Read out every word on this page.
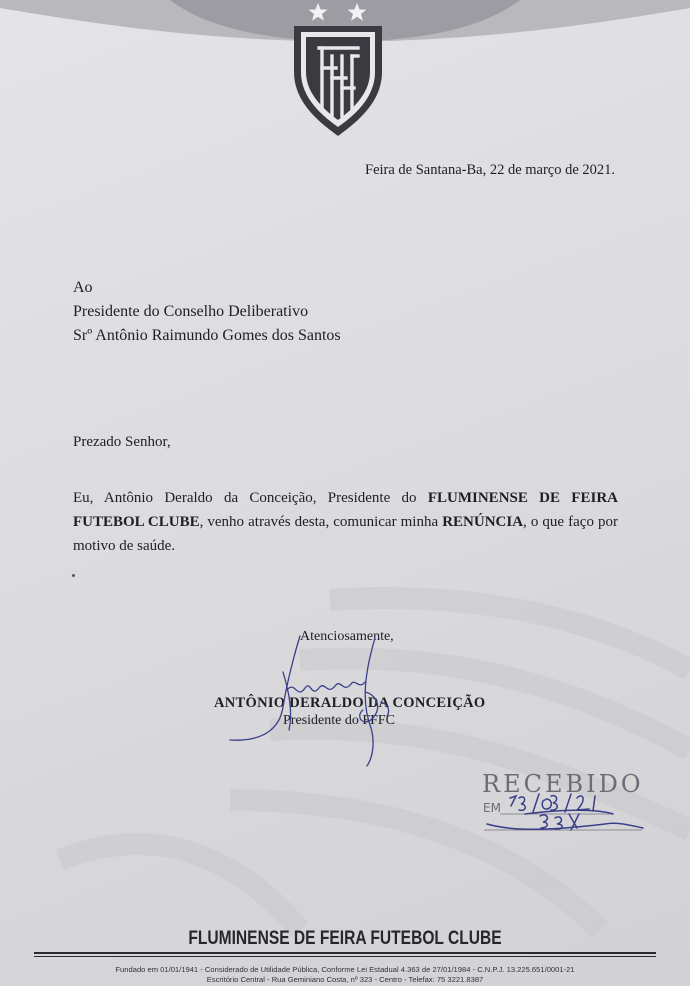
Feira de Santana-Ba, 22 de março de 2021.
Ao
Presidente do Conselho Deliberativo
Srº Antônio Raimundo Gomes dos Santos
Prezado Senhor,
Eu, Antônio Deraldo da Conceição, Presidente do FLUMINENSE DE FEIRA FUTEBOL CLUBE, venho através desta, comunicar minha RENÚNCIA, o que faço por motivo de saúde.
Atenciosamente,
ANTÔNIO DERALDO DA CONCEIÇÃO
Presidente do FFFC
RECEBIDO
EM
FLUMINENSE DE FEIRA FUTEBOL CLUBE
Fundado em 01/01/1941 - Considerado de Utilidade Pública, Conforme Lei Estadual 4.363 de 27/01/1984 - C.N.P.J. 13.225.651/0001-21
Escritório Central - Rua Geminiano Costa, nº 323 - Centro - Telefax: 75 3221.8387
